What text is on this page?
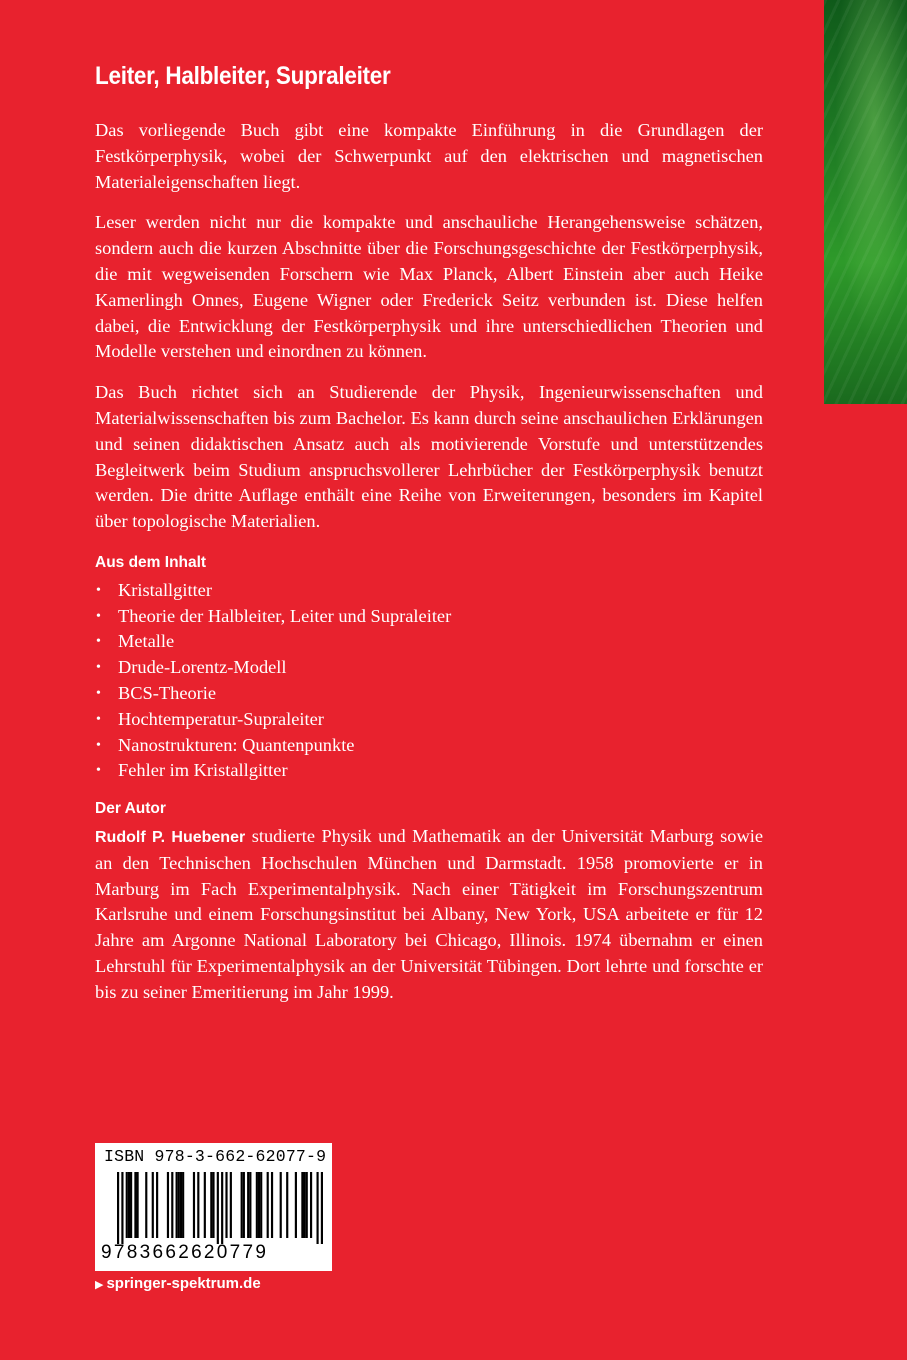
Leiter, Halbleiter, Supraleiter

Das vorliegende Buch gibt eine kompakte Einführung in die Grundlagen der Festkörperphysik, wobei der Schwerpunkt auf den elektrischen und magnetischen Materialeigenschaften liegt.

Leser werden nicht nur die kompakte und anschauliche Herangehensweise schätzen, sondern auch die kurzen Abschnitte über die Forschungsgeschichte der Festkörperphysik, die mit wegweisenden Forschern wie Max Planck, Albert Einstein aber auch Heike Kamerlingh Onnes, Eugene Wigner oder Frederick Seitz verbunden ist. Diese helfen dabei, die Entwicklung der Festkörperphysik und ihre unterschiedlichen Theorien und Modelle verstehen und einordnen zu können.

Das Buch richtet sich an Studierende der Physik, Ingenieurwissenschaften und Materialwissenschaften bis zum Bachelor. Es kann durch seine anschaulichen Erklärungen und seinen didaktischen Ansatz auch als motivierende Vorstufe und unterstützendes Begleitwerk beim Studium anspruchsvollerer Lehrbücher der Festkörperphysik benutzt werden. Die dritte Auflage enthält eine Reihe von Erweiterungen, besonders im Kapitel über topologische Materialien.

Aus dem Inhalt
• Kristallgitter
• Theorie der Halbleiter, Leiter und Supraleiter
• Metalle
• Drude-Lorentz-Modell
• BCS-Theorie
• Hochtemperatur-Supraleiter
• Nanostrukturen: Quantenpunkte
• Fehler im Kristallgitter
Der Autor

Rudolf P. Huebener studierte Physik und Mathematik an der Universität Marburg sowie an den Technischen Hochschulen München und Darmstadt. 1958 promovierte er in Marburg im Fach Experimentalphysik. Nach einer Tätigkeit im Forschungszentrum Karlsruhe und einem Forschungsinstitut bei Albany, New York, USA arbeitete er für 12 Jahre am Argonne National Laboratory bei Chicago, Illinois. 1974 übernahm er einen Lehrstuhl für Experimentalphysik an der Universität Tübingen. Dort lehrte und forschte er bis zu seiner Emeritierung im Jahr 1999.

ISBN 978-3-662-62077-9
9783662620779
▶ springer-spektrum.de
